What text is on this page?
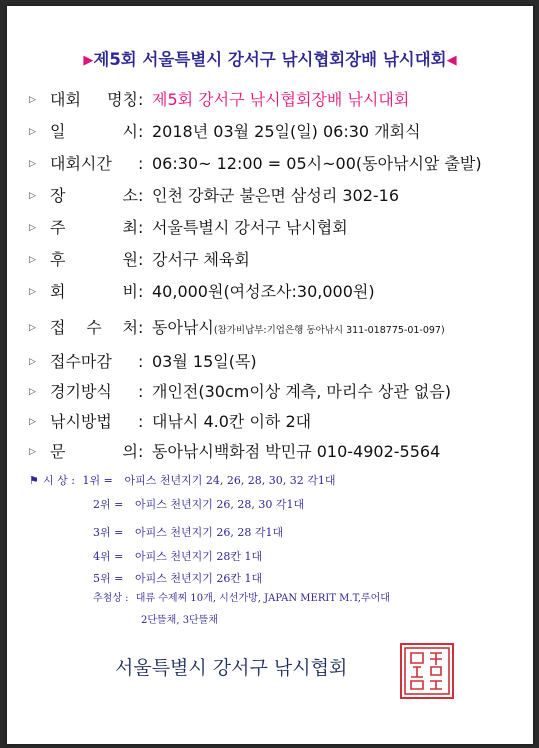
▶제5회 서울특별시 강서구 낚시협회장배 낚시대회◀
▷ 대회 명칭: 제5회 강서구 낚시협회장배 낚시대회
▷ 일 시: 2018년 03월 25일(일) 06:30 개회식
▷ 대회시간 : 06:30~ 12:00 = 05시~00(동아낚시앞 출발)
▷ 장 소: 인천 강화군 불은면 삼성리 302-16
▷ 주 최: 서울특별시 강서구 낚시협회
▷ 후 원: 강서구 체육회
▷ 회 비: 40,000원(여성조사:30,000원)
▷ 접 수 처: 동아낚시(참가비납부:기업은행 동아낚시 311-018775-01-097)
▷ 접수마감 : 03월 15일(목)
▷ 경기방식 : 개인전(30cm이상 계측, 마리수 상관 없음)
▷ 낚시방법 : 대낚시 4.0칸 이하 2대
▷ 문 의: 동아낚시백화점 박민규 010-4902-5564
⚑ 시 상 : 1위 = 아피스 천년지기 24, 26, 28, 30, 32 각1대
2위 = 아피스 천년지기 26, 28, 30 각1대
3위 = 아피스 천년지기 26, 28 각1대
4위 = 아피스 천년지기 28칸 1대
5위 = 아피스 천년지기 26칸 1대
추첨상 : 대류 수제찌 10개, 시선가방, JAPAN MERIT M.T,루어대
2단뜰채, 3단뜰채
서울특별시 강서구 낚시협회
